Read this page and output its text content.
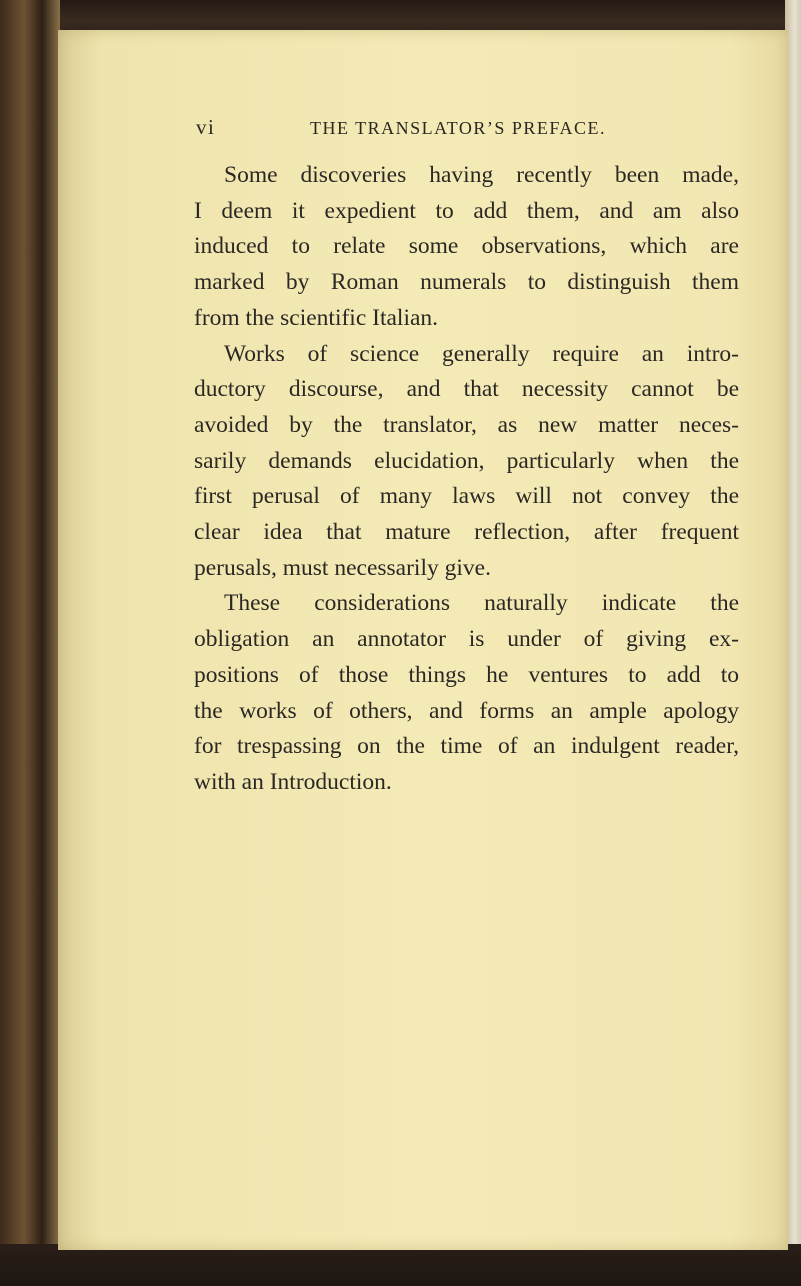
vi	THE TRANSLATOR’S PREFACE.

Some discoveries having recently been made,
I deem it expedient to add them, and am also
induced to relate some observations, which are
marked by Roman numerals to distinguish them
from the scientific Italian.

Works of science generally require an intro-
ductory discourse, and that necessity cannot be
avoided by the translator, as new matter neces-
sarily demands elucidation, particularly when the
first perusal of many laws will not convey the
clear idea that mature reflection, after frequent
perusals, must necessarily give.

These considerations naturally indicate the
obligation an annotator is under of giving ex-
positions of those things he ventures to add to
the works of others, and forms an ample apology
for trespassing on the time of an indulgent reader,
with an Introduction.
